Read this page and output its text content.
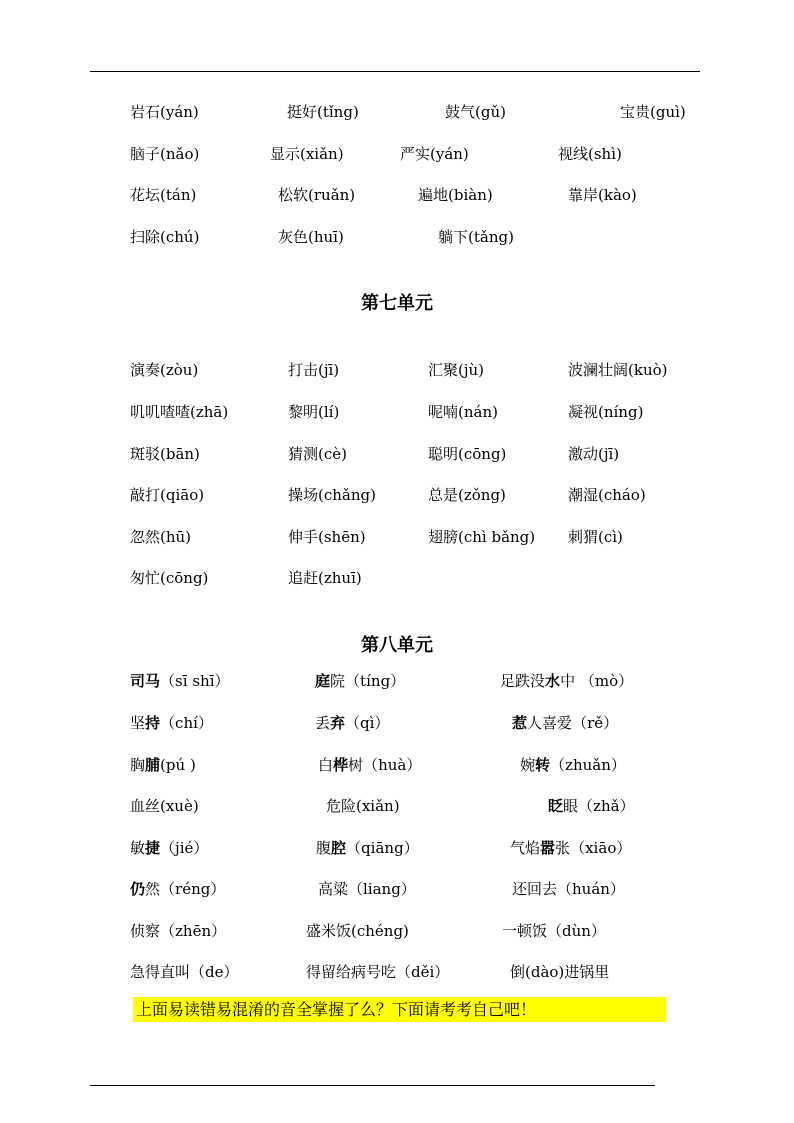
岩石(yán)	挺好(tǐng)	鼓气(gǔ)	宝贵(guì)
脑子(nǎo)	显示(xiǎn)	严实(yán)	视线(shì)
花坛(tán)	松软(ruǎn)	遍地(biàn)	靠岸(kào)
扫除(chú)	灰色(huī)	躺下(tǎng)
第七单元
演奏(zòu)	打击(jī)	汇聚(jù)	波澜壮阔(kuò)
叽叽喳喳(zhā)	黎明(lí)	呢喃(nán)	凝视(níng)
斑驳(bān)	猜测(cè)	聪明(cōng)	激动(jī)
敲打(qiāo)	操场(chǎng)	总是(zǒng)	潮湿(cháo)
忽然(hū)	伸手(shēn)	翅膀(chì bǎng) 刺猬(cì)
匆忙(cōng)	追赶(zhuī)
第八单元
司马（sī shī）	庭院（tíng）	足跌没水中 （mò）
坚持（chí）	丢弃（qì）	惹人喜爱（rě）
胸脯(pú )	白桦树（huà）	婉转（zhuǎn）
血丝(xuè)	危险(xiǎn)	眨眼（zhǎ）
敏捷（jié）	腹腔（qiāng）	气焰嚣张（xiāo）
仍然（réng）	高粱（liang）	还回去（huán）
侦察（zhēn）	盛米饭(chéng)	一顿饭（dùn）
急得直叫（de）	得留给病号吃（děi）	倒(dào)进锅里
上面易读错易混淆的音全掌握了么？下面请考考自己吧！
